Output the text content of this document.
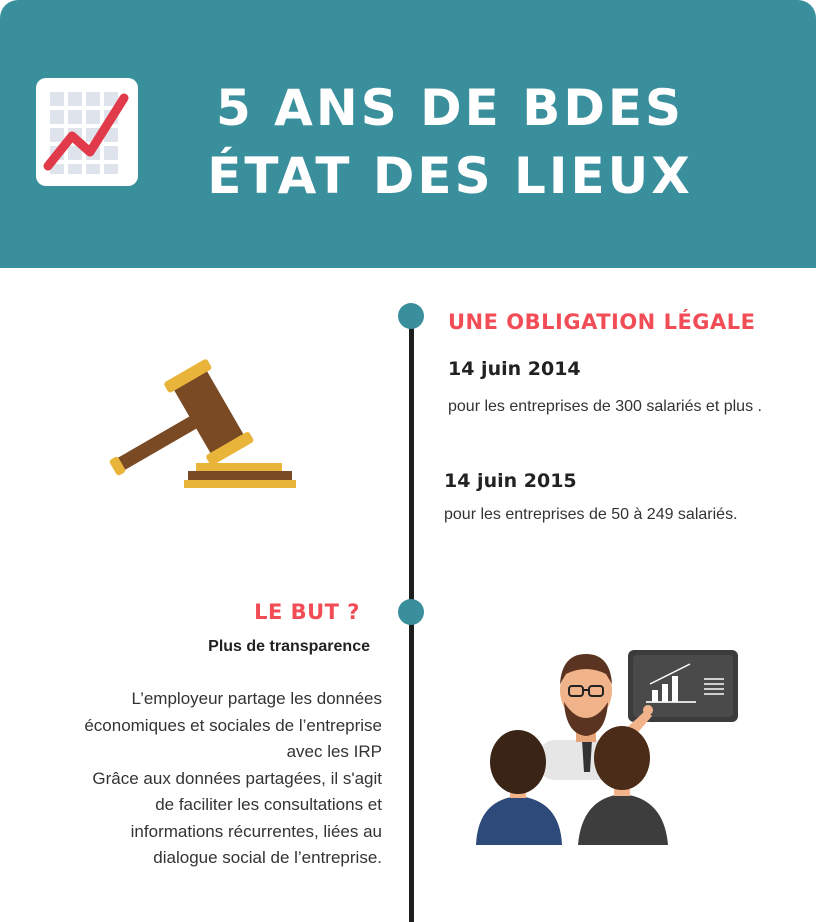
5 ANS DE BDES
ÉTAT DES LIEUX
UNE OBLIGATION LÉGALE
14 juin 2014
pour les entreprises de 300 salariés et plus .
14 juin 2015
pour les entreprises de 50 à 249 salariés.
LE BUT ?
Plus de transparence
L’employeur partage les données
économiques et sociales de l’entreprise
avec les IRP
Grâce aux données partagées, il s'agit
de faciliter les consultations et
informations récurrentes, liées au
dialogue social de l’entreprise.
